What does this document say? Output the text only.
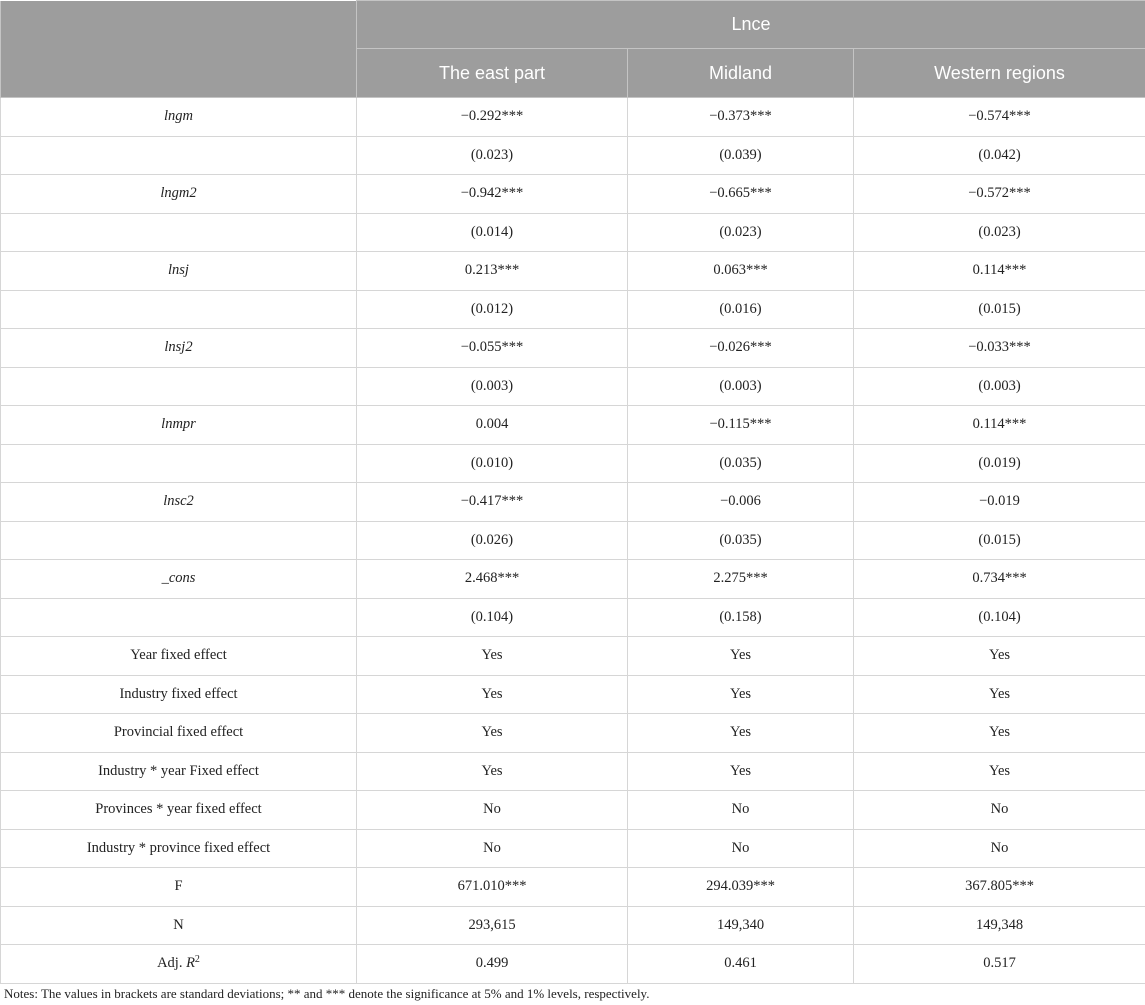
	Lnce		
	The east part	Midland	Western regions
lngm	−0.292***	−0.373***	−0.574***
	(0.023)	(0.039)	(0.042)
lngm2	−0.942***	−0.665***	−0.572***
	(0.014)	(0.023)	(0.023)
lnsj	0.213***	0.063***	0.114***
	(0.012)	(0.016)	(0.015)
lnsj2	−0.055***	−0.026***	−0.033***
	(0.003)	(0.003)	(0.003)
lnmpr	0.004	−0.115***	0.114***
	(0.010)	(0.035)	(0.019)
lnsc2	−0.417***	−0.006	−0.019
	(0.026)	(0.035)	(0.015)
_cons	2.468***	2.275***	0.734***
	(0.104)	(0.158)	(0.104)
Year fixed effect	Yes	Yes	Yes
Industry fixed effect	Yes	Yes	Yes
Provincial fixed effect	Yes	Yes	Yes
Industry * year Fixed effect	Yes	Yes	Yes
Provinces * year fixed effect	No	No	No
Industry * province fixed effect	No	No	No
F	671.010***	294.039***	367.805***
N	293,615	149,340	149,348
Adj. $R^2$	0.499	0.461	0.517
Notes: The values in brackets are standard deviations; ** and *** denote the significance at 5% and 1% levels, respectively.
